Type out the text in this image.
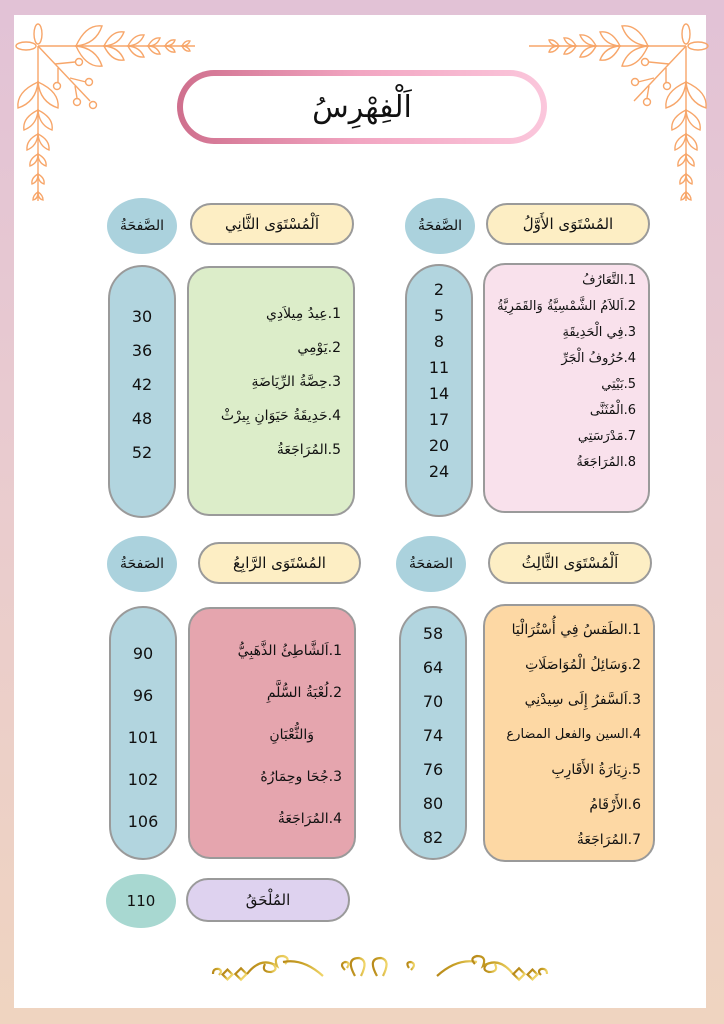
اَلْفِهْرِسُ
المُسْتَوَى الأَوَّلُ
الصَّفحَةُ
1.التَّعَارُفُ
2.اَللاَمُ الشَّمْسِيَّةُ وَالقَمَرِيَّةُ
3.فِي الْحَدِيقَةِ
4.حُرُوفُ الْجَرِّ
5.بَيْتِي
6.الْمُثَنَّى
7.مَدْرَسَتِي
8.المُرَاجَعَةُ
2
5
8
11
14
17
20
24
اَلْمُسْتَوَى الثَّانِي
الصَّفحَةُ
1.عِيدُ مِيلاَدِي
2.يَوْمِي
3.حِصَّةُ الرِّيَاضَةِ
4.حَدِيقَةُ حَيَوَانِ بِيرْثْ
5.المُرَاجَعَةُ
30
36
42
48
52
اَلْمُسْتَوَى الثَّالِثُ
الصَفحَةُ
1.الطَقسُ فِي أُسْتُرَالْيَا
2.وَسَائِلُ الْمُوَاصَلَاتِ
3.اَلسَّفرُ إِلَى سِيدْنِي
4.السين والفعل المضارع
5.زِيَارَةُ الأَقَارِبِ
6.الأَرْقَامُ
7.المُرَاجَعَةُ
58
64
70
74
76
80
82
المُسْتَوَى الرَّابِعُ
الصَفحَةُ
1.اَلشَّاطِئُ الذَّهَبِيُّ
2.لُعْبَةُ السُّلَّمِ
وَالثُّعْبَانِ
3.جُحَا وحِمَارُهُ
4.المُرَاجَعَةُ
90
96
101
102
106
المُلْحَقُ
110
